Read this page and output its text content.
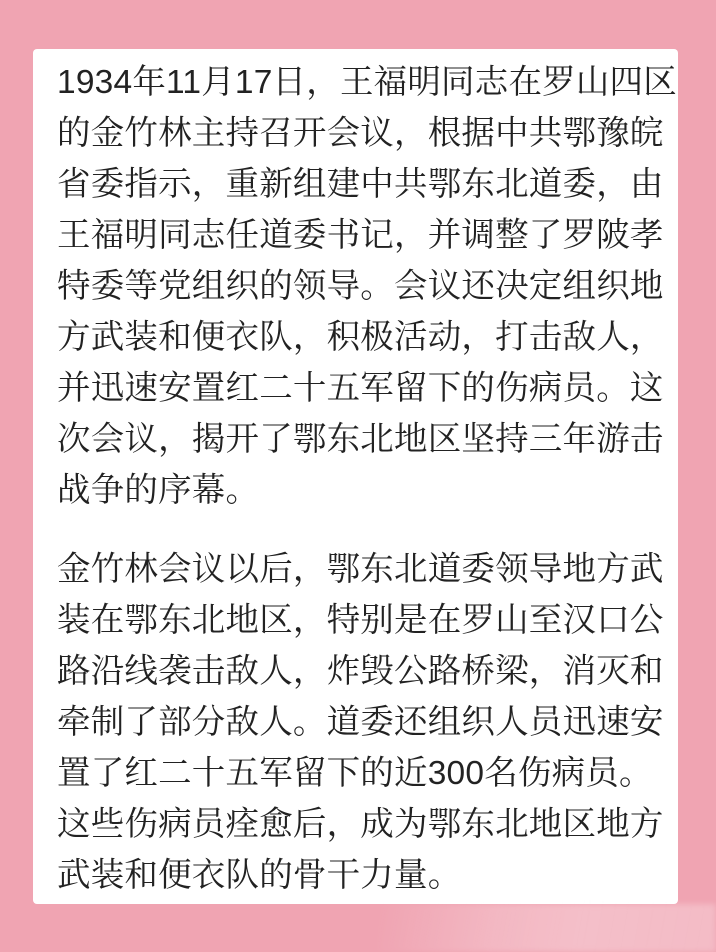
1934年11月17日，王福明同志在罗山四区
的金竹林主持召开会议，根据中共鄂豫皖
省委指示，重新组建中共鄂东北道委，由
王福明同志任道委书记，并调整了罗陂孝
特委等党组织的领导。会议还决定组织地
方武装和便衣队，积极活动，打击敌人，
并迅速安置红二十五军留下的伤病员。这
次会议，揭开了鄂东北地区坚持三年游击
战争的序幕。
金竹林会议以后，鄂东北道委领导地方武
装在鄂东北地区，特别是在罗山至汉口公
路沿线袭击敌人，炸毁公路桥梁，消灭和
牵制了部分敌人。道委还组织人员迅速安
置了红二十五军留下的近300名伤病员。
这些伤病员痊愈后，成为鄂东北地区地方
武装和便衣队的骨干力量。
